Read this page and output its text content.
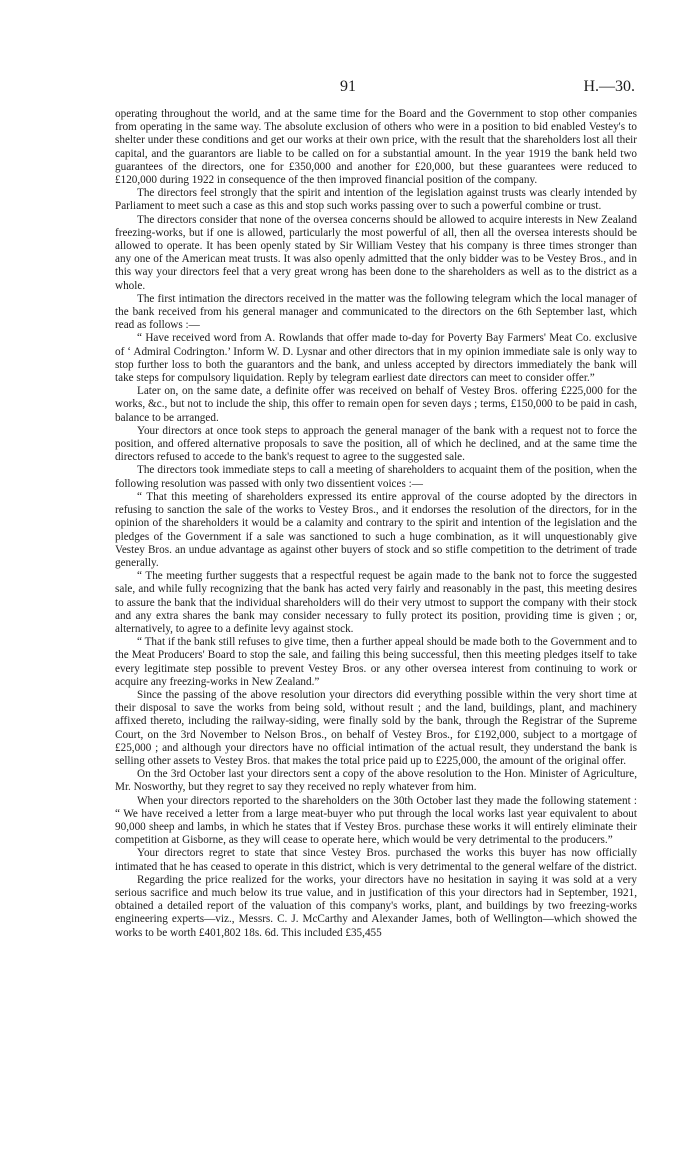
91	H.—30.

operating throughout the world, and at the same time for the Board and the Government to stop other companies from operating in the same way. The absolute exclusion of others who were in a position to bid enabled Vestey's to shelter under these conditions and get our works at their own price, with the result that the shareholders lost all their capital, and the guarantors are liable to be called on for a substantial amount. In the year 1919 the bank held two guarantees of the directors, one for £350,000 and another for £20,000, but these guarantees were reduced to £120,000 during 1922 in consequence of the then improved financial position of the company.

The directors feel strongly that the spirit and intention of the legislation against trusts was clearly intended by Parliament to meet such a case as this and stop such works passing over to such a powerful combine or trust.

The directors consider that none of the oversea concerns should be allowed to acquire interests in New Zealand freezing-works, but if one is allowed, particularly the most powerful of all, then all the oversea interests should be allowed to operate. It has been openly stated by Sir William Vestey that his company is three times stronger than any one of the American meat trusts. It was also openly admitted that the only bidder was to be Vestey Bros., and in this way your directors feel that a very great wrong has been done to the shareholders as well as to the district as a whole.

The first intimation the directors received in the matter was the following telegram which the local manager of the bank received from his general manager and communicated to the directors on the 6th September last, which read as follows :—

“ Have received word from A. Rowlands that offer made to-day for Poverty Bay Farmers' Meat Co. exclusive of ‘ Admiral Codrington.’ Inform W. D. Lysnar and other directors that in my opinion immediate sale is only way to stop further loss to both the guarantors and the bank, and unless accepted by directors immediately the bank will take steps for compulsory liquidation. Reply by telegram earliest date directors can meet to consider offer.”

Later on, on the same date, a definite offer was received on behalf of Vestey Bros. offering £225,000 for the works, &c., but not to include the ship, this offer to remain open for seven days ; terms, £150,000 to be paid in cash, balance to be arranged.

Your directors at once took steps to approach the general manager of the bank with a request not to force the position, and offered alternative proposals to save the position, all of which he declined, and at the same time the directors refused to accede to the bank's request to agree to the suggested sale.

The directors took immediate steps to call a meeting of shareholders to acquaint them of the position, when the following resolution was passed with only two dissentient voices :—

“ That this meeting of shareholders expressed its entire approval of the course adopted by the directors in refusing to sanction the sale of the works to Vestey Bros., and it endorses the resolution of the directors, for in the opinion of the shareholders it would be a calamity and contrary to the spirit and intention of the legislation and the pledges of the Government if a sale was sanctioned to such a huge combination, as it will unquestionably give Vestey Bros. an undue advantage as against other buyers of stock and so stifle competition to the detriment of trade generally.

“ The meeting further suggests that a respectful request be again made to the bank not to force the suggested sale, and while fully recognizing that the bank has acted very fairly and reasonably in the past, this meeting desires to assure the bank that the individual shareholders will do their very utmost to support the company with their stock and any extra shares the bank may consider necessary to fully protect its position, providing time is given ; or, alternatively, to agree to a definite levy against stock.

“ That if the bank still refuses to give time, then a further appeal should be made both to the Government and to the Meat Producers' Board to stop the sale, and failing this being successful, then this meeting pledges itself to take every legitimate step possible to prevent Vestey Bros. or any other oversea interest from continuing to work or acquire any freezing-works in New Zealand.”

Since the passing of the above resolution your directors did everything possible within the very short time at their disposal to save the works from being sold, without result ; and the land, buildings, plant, and machinery affixed thereto, including the railway-siding, were finally sold by the bank, through the Registrar of the Supreme Court, on the 3rd November to Nelson Bros., on behalf of Vestey Bros., for £192,000, subject to a mortgage of £25,000 ; and although your directors have no official intimation of the actual result, they understand the bank is selling other assets to Vestey Bros. that makes the total price paid up to £225,000, the amount of the original offer.

On the 3rd October last your directors sent a copy of the above resolution to the Hon. Minister of Agriculture, Mr. Nosworthy, but they regret to say they received no reply whatever from him.

When your directors reported to the shareholders on the 30th October last they made the following statement : “ We have received a letter from a large meat-buyer who put through the local works last year equivalent to about 90,000 sheep and lambs, in which he states that if Vestey Bros. purchase these works it will entirely eliminate their competition at Gisborne, as they will cease to operate here, which would be very detrimental to the producers.”

Your directors regret to state that since Vestey Bros. purchased the works this buyer has now officially intimated that he has ceased to operate in this district, which is very detrimental to the general welfare of the district.

Regarding the price realized for the works, your directors have no hesitation in saying it was sold at a very serious sacrifice and much below its true value, and in justification of this your directors had in September, 1921, obtained a detailed report of the valuation of this company's works, plant, and buildings by two freezing-works engineering experts—viz., Messrs. C. J. McCarthy and Alexander James, both of Wellington—which showed the works to be worth £401,802 18s. 6d. This included £35,455
